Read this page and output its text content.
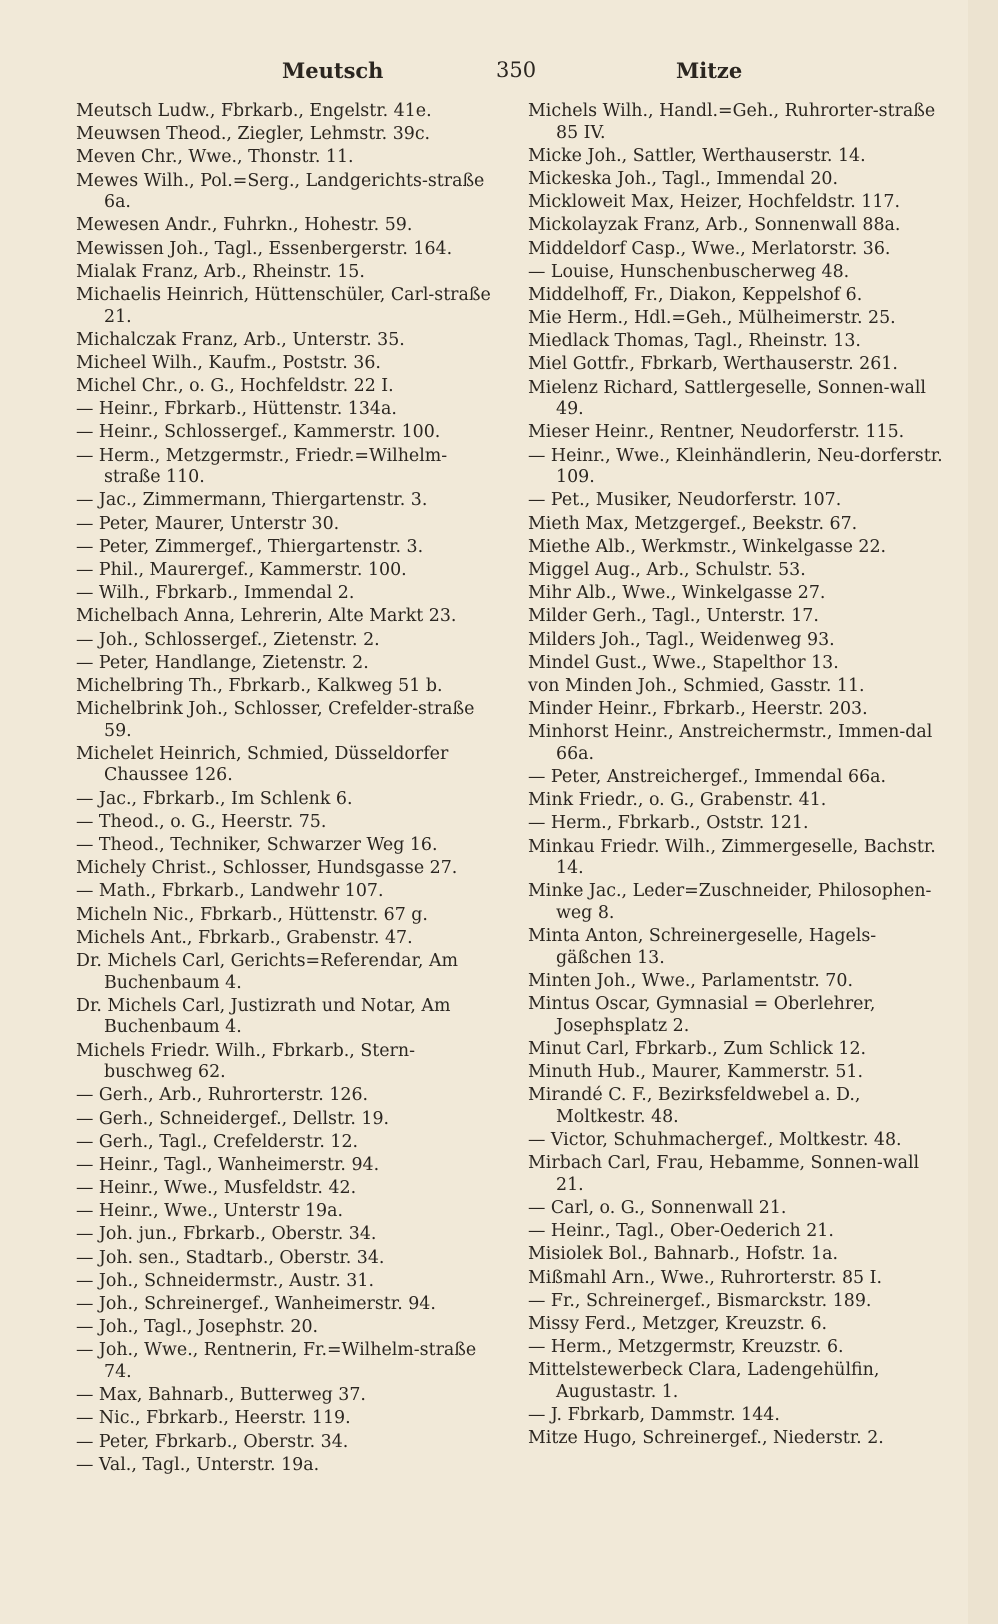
Meutsch	350	Mitze
Meutsch Ludw., Fbrkarb., Engelstr. 41e.
Meuwsen Theod., Ziegler, Lehmstr. 39c.
Meven Chr., Wwe., Thonstr. 11.
Mewes Wilh., Pol.=Serg., Landgerichts-straße 6a.
Mewesen Andr., Fuhrkn., Hohestr. 59.
Mewissen Joh., Tagl., Essenbergerstr. 164.
Mialak Franz, Arb., Rheinstr. 15.
Michaelis Heinrich, Hüttenschüler, Carl-straße 21.
Michalczak Franz, Arb., Unterstr. 35.
Micheel Wilh., Kaufm., Poststr. 36.
Michel Chr., o. G., Hochfeldstr. 22 I.
— Heinr., Fbrkarb., Hüttenstr. 134a.
— Heinr., Schlossergef., Kammerstr. 100.
— Herm., Metzgermstr., Friedr.=Wilhelm-straße 110.
— Jac., Zimmermann, Thiergartenstr. 3.
— Peter, Maurer, Unterstr 30.
— Peter, Zimmergef., Thiergartenstr. 3.
— Phil., Maurergef., Kammerstr. 100.
— Wilh., Fbrkarb., Immendal 2.
Michelbach Anna, Lehrerin, Alte Markt 23.
— Joh., Schlossergef., Zietenstr. 2.
— Peter, Handlange, Zietenstr. 2.
Michelbring Th., Fbrkarb., Kalkweg 51 b.
Michelbrink Joh., Schlosser, Crefelder-straße 59.
Michelet Heinrich, Schmied, Düsseldorfer Chaussee 126.
— Jac., Fbrkarb., Im Schlenk 6.
— Theod., o. G., Heerstr. 75.
— Theod., Techniker, Schwarzer Weg 16.
Michely Christ., Schlosser, Hundsgasse 27.
— Math., Fbrkarb., Landwehr 107.
Micheln Nic., Fbrkarb., Hüttenstr. 67 g.
Michels Ant., Fbrkarb., Grabenstr. 47.
Dr. Michels Carl, Gerichts=Referendar, Am Buchenbaum 4.
Dr. Michels Carl, Justizrath und Notar, Am Buchenbaum 4.
Michels Friedr. Wilh., Fbrkarb., Stern-buschweg 62.
— Gerh., Arb., Ruhrorterstr. 126.
— Gerh., Schneidergef., Dellstr. 19.
— Gerh., Tagl., Crefelderstr. 12.
— Heinr., Tagl., Wanheimerstr. 94.
— Heinr., Wwe., Musfeldstr. 42.
— Heinr., Wwe., Unterstr 19a.
— Joh. jun., Fbrkarb., Oberstr. 34.
— Joh. sen., Stadtarb., Oberstr. 34.
— Joh., Schneidermstr., Austr. 31.
— Joh., Schreinergef., Wanheimerstr. 94.
— Joh., Tagl., Josephstr. 20.
— Joh., Wwe., Rentnerin, Fr.=Wilhelm-straße 74.
— Max, Bahnarb., Butterweg 37.
— Nic., Fbrkarb., Heerstr. 119.
— Peter, Fbrkarb., Oberstr. 34.
— Val., Tagl., Unterstr. 19a.
Michels Wilh., Handl.=Geh., Ruhrorter-straße 85 IV.
Micke Joh., Sattler, Werthauserstr. 14.
Mickeska Joh., Tagl., Immendal 20.
Mickloweit Max, Heizer, Hochfeldstr. 117.
Mickolayzak Franz, Arb., Sonnenwall 88a.
Middeldorf Casp., Wwe., Merlatorstr. 36.
— Louise, Hunschenbuscherweg 48.
Middelhoff, Fr., Diakon, Keppelshof 6.
Mie Herm., Hdl.=Geh., Mülheimerstr. 25.
Miedlack Thomas, Tagl., Rheinstr. 13.
Miel Gottfr., Fbrkarb, Werthauserstr. 261.
Mielenz Richard, Sattlergeselle, Sonnen-wall 49.
Mieser Heinr., Rentner, Neudorferstr. 115.
— Heinr., Wwe., Kleinhändlerin, Neu-dorferstr. 109.
— Pet., Musiker, Neudorferstr. 107.
Mieth Max, Metzgergef., Beekstr. 67.
Miethe Alb., Werkmstr., Winkelgasse 22.
Miggel Aug., Arb., Schulstr. 53.
Mihr Alb., Wwe., Winkelgasse 27.
Milder Gerh., Tagl., Unterstr. 17.
Milders Joh., Tagl., Weidenweg 93.
Mindel Gust., Wwe., Stapelthor 13.
von Minden Joh., Schmied, Gasstr. 11.
Minder Heinr., Fbrkarb., Heerstr. 203.
Minhorst Heinr., Anstreichermstr., Immen-dal 66a.
— Peter, Anstreichergef., Immendal 66a.
Mink Friedr., o. G., Grabenstr. 41.
— Herm., Fbrkarb., Oststr. 121.
Minkau Friedr. Wilh., Zimmergeselle, Bachstr. 14.
Minke Jac., Leder=Zuschneider, Philosophen-weg 8.
Minta Anton, Schreinergeselle, Hagels-gäßchen 13.
Minten Joh., Wwe., Parlamentstr. 70.
Mintus Oscar, Gymnasial = Oberlehrer, Josephsplatz 2.
Minut Carl, Fbrkarb., Zum Schlick 12.
Minuth Hub., Maurer, Kammerstr. 51.
Mirandé C. F., Bezirksfeldwebel a. D., Moltkestr. 48.
— Victor, Schuhmachergef., Moltkestr. 48.
Mirbach Carl, Frau, Hebamme, Sonnen-wall 21.
— Carl, o. G., Sonnenwall 21.
— Heinr., Tagl., Ober-Oederich 21.
Misiolek Bol., Bahnarb., Hofstr. 1a.
Mißmahl Arn., Wwe., Ruhrorterstr. 85 I.
— Fr., Schreinergef., Bismarckstr. 189.
Missy Ferd., Metzger, Kreuzstr. 6.
— Herm., Metzgermstr, Kreuzstr. 6.
Mittelstewerbeck Clara, Ladengehülfin, Augustastr. 1.
— J. Fbrkarb, Dammstr. 144.
Mitze Hugo, Schreinergef., Niederstr. 2.
